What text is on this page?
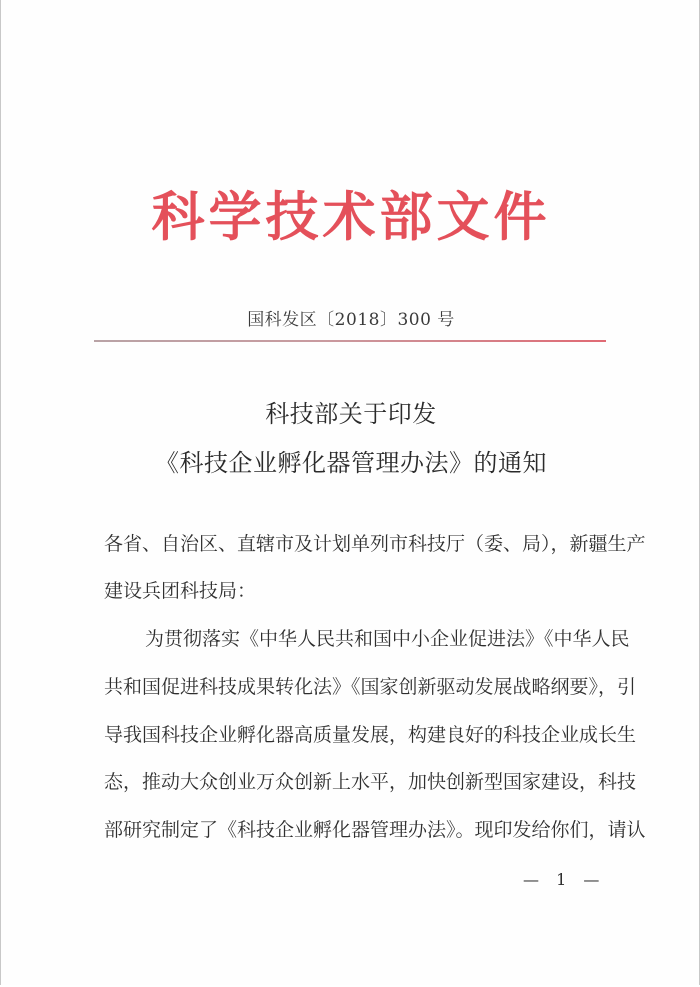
科学技术部文件
国科发区〔2018〕300 号
科技部关于印发
《科技企业孵化器管理办法》的通知
各省、自治区、直辖市及计划单列市科技厅（委、局），新疆生产
建设兵团科技局：
为贯彻落实《中华人民共和国中小企业促进法》《中华人民
共和国促进科技成果转化法》《国家创新驱动发展战略纲要》，引
导我国科技企业孵化器高质量发展，构建良好的科技企业成长生
态，推动大众创业万众创新上水平，加快创新型国家建设，科技
部研究制定了《科技企业孵化器管理办法》。现印发给你们，请认
— 1 —
